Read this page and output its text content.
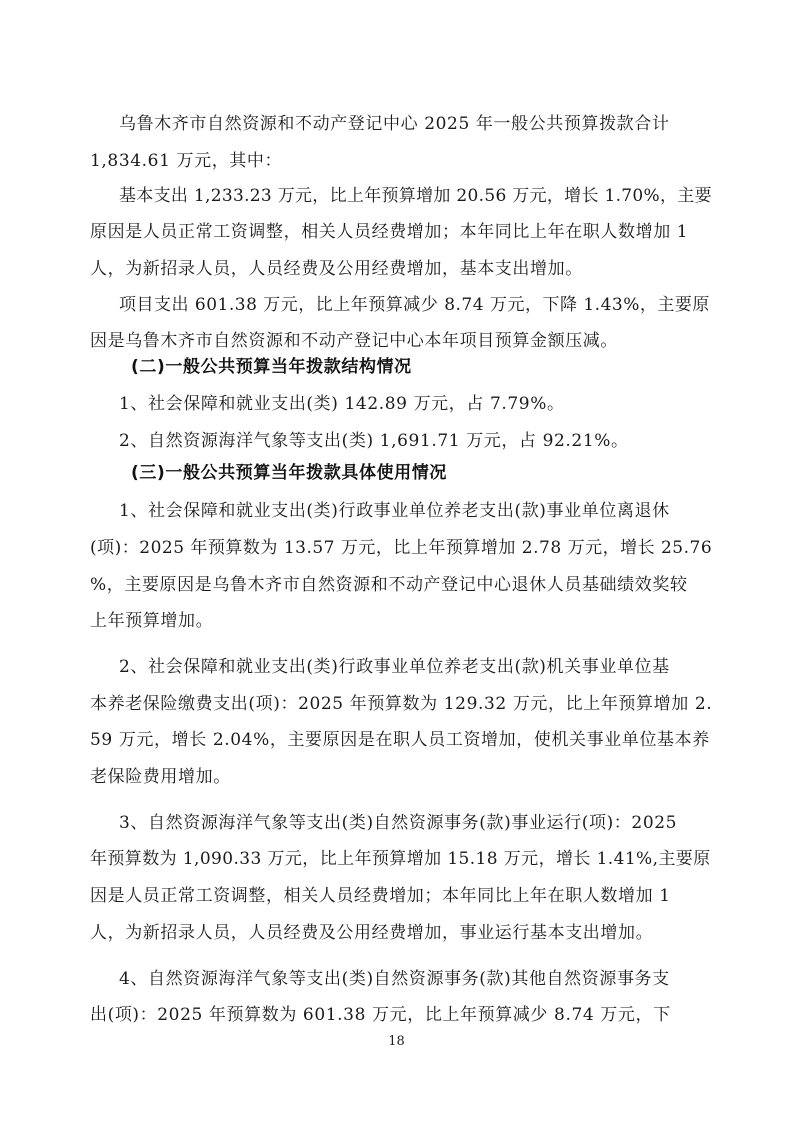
乌鲁木齐市自然资源和不动产登记中心 2025 年一般公共预算拨款合计
1,834.61 万元，其中：
基本支出 1,233.23 万元，比上年预算增加 20.56 万元，增长 1.70%，主要
原因是人员正常工资调整，相关人员经费增加；本年同比上年在职人数增加 1
人，为新招录人员，人员经费及公用经费增加，基本支出增加。
项目支出 601.38 万元，比上年预算减少 8.74 万元，下降 1.43%，主要原
因是乌鲁木齐市自然资源和不动产登记中心本年项目预算金额压减。
(二)一般公共预算当年拨款结构情况
1、社会保障和就业支出(类) 142.89 万元，占 7.79%。
2、自然资源海洋气象等支出(类) 1,691.71 万元，占 92.21%。
(三)一般公共预算当年拨款具体使用情况
1、社会保障和就业支出(类)行政事业单位养老支出(款)事业单位离退休
(项)：2025 年预算数为 13.57 万元，比上年预算增加 2.78 万元，增长 25.76
%，主要原因是乌鲁木齐市自然资源和不动产登记中心退休人员基础绩效奖较
上年预算增加。
2、社会保障和就业支出(类)行政事业单位养老支出(款)机关事业单位基
本养老保险缴费支出(项)：2025 年预算数为 129.32 万元，比上年预算增加 2.
59 万元，增长 2.04%，主要原因是在职人员工资增加，使机关事业单位基本养
老保险费用增加。
3、自然资源海洋气象等支出(类)自然资源事务(款)事业运行(项)：2025
年预算数为 1,090.33 万元，比上年预算增加 15.18 万元，增长 1.41%,主要原
因是人员正常工资调整，相关人员经费增加；本年同比上年在职人数增加 1
人，为新招录人员，人员经费及公用经费增加，事业运行基本支出增加。
4、自然资源海洋气象等支出(类)自然资源事务(款)其他自然资源事务支
出(项)：2025 年预算数为 601.38 万元，比上年预算减少 8.74 万元，下
18
